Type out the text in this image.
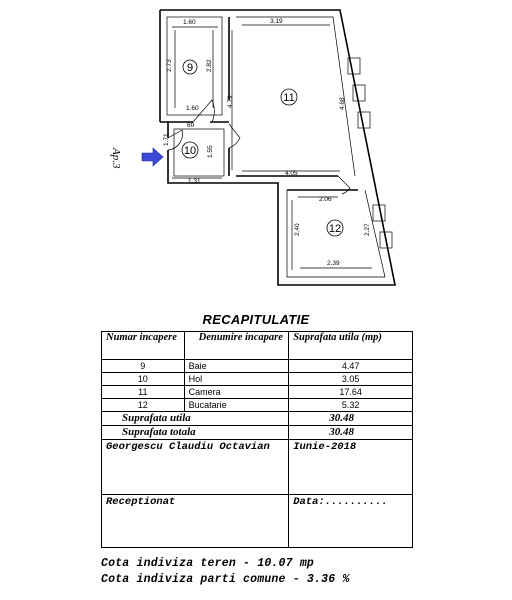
1.60
2.73	2.82
1.60
60
3.19
4.79	4.68
1.71
1.55
1.31
4.05
2.06
2.40	2.27
2.39
9
10
11
12
Ap.3
RECAPITULATIE
Numar incapere	Denumire incapare	Suprafata utila (mp)
9	Baie	4.47
10	Hol	3.05
11	Camera	17.64
12	Bucatarie	5.32
Suprafata utila		30.48
Suprafata totala		30.48
Georgescu Claudiu Octavian		Iunie-2018

Receptionat		Data:..........

Cota indiviza teren - 10.07 mp
Cota indiviza parti comune - 3.36 %
